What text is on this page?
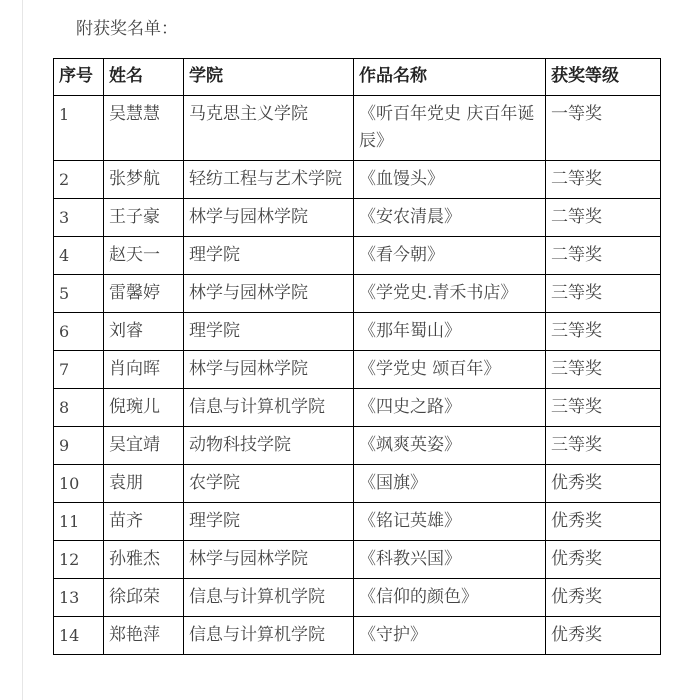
附获奖名单：
序号	姓名	学院	作品名称	获奖等级
1	吴慧慧	马克思主义学院	《听百年党史 庆百年诞辰》	一等奖
2	张梦航	轻纺工程与艺术学院	《血馒头》	二等奖
3	王子豪	林学与园林学院	《安农清晨》	二等奖
4	赵天一	理学院	《看今朝》	二等奖
5	雷馨婷	林学与园林学院	《学党史.青禾书店》	三等奖
6	刘睿	理学院	《那年蜀山》	三等奖
7	肖向晖	林学与园林学院	《学党史 颂百年》	三等奖
8	倪琬儿	信息与计算机学院	《四史之路》	三等奖
9	吴宜靖	动物科技学院	《飒爽英姿》	三等奖
10	袁朋	农学院	《国旗》	优秀奖
11	苗齐	理学院	《铭记英雄》	优秀奖
12	孙雅杰	林学与园林学院	《科教兴国》	优秀奖
13	徐邱荣	信息与计算机学院	《信仰的颜色》	优秀奖
14	郑艳萍	信息与计算机学院	《守护》	优秀奖
